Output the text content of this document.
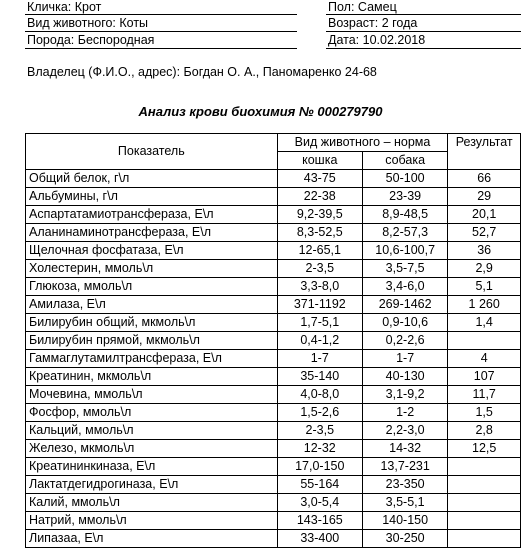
Кличка: Крот
Вид животного: Коты
Порода: Беспородная
Пол: Самец
Возраст: 2 года
Дата: 10.02.2018
Владелец (Ф.И.О., адрес): Богдан О. А., Паномаренко 24-68
Анализ крови биохимия № 000279790
Показатель	Вид животного – норма		Результат
	кошка	собака	
Общий белок, г\л	43-75	50-100	66
Альбумины, г\л	22-38	23-39	29
Аспартатамиотрансфераза, Е\л	9,2-39,5	8,9-48,5	20,1
Аланинаминотрансфераза, Е\л	8,3-52,5	8,2-57,3	52,7
Щелочная фосфатаза, Е\л	12-65,1	10,6-100,7	36
Холестерин, ммоль\л	2-3,5	3,5-7,5	2,9
Глюкоза, ммоль\л	3,3-8,0	3,4-6,0	5,1
Амилаза, Е\л	371-1192	269-1462	1 260
Билирубин общий, мкмоль\л	1,7-5,1	0,9-10,6	1,4
Билирубин прямой, мкмоль\л	0,4-1,2	0,2-2,6	
Гаммаглутамилтрансфераза, Е\л	1-7	1-7	4
Креатинин, мкмоль\л	35-140	40-130	107
Мочевина, ммоль\л	4,0-8,0	3,1-9,2	11,7
Фосфор, ммоль\л	1,5-2,6	1-2	1,5
Кальций, ммоль\л	2-3,5	2,2-3,0	2,8
Железо, мкмоль\л	12-32	14-32	12,5
Креатининкиназа, Е\л	17,0-150	13,7-231	
Лактатдегидрогиназа, Е\л	55-164	23-350	
Калий, ммоль\л	3,0-5,4	3,5-5,1	
Натрий, ммоль\л	143-165	140-150	
Липазаа, Е\л	33-400	30-250	
